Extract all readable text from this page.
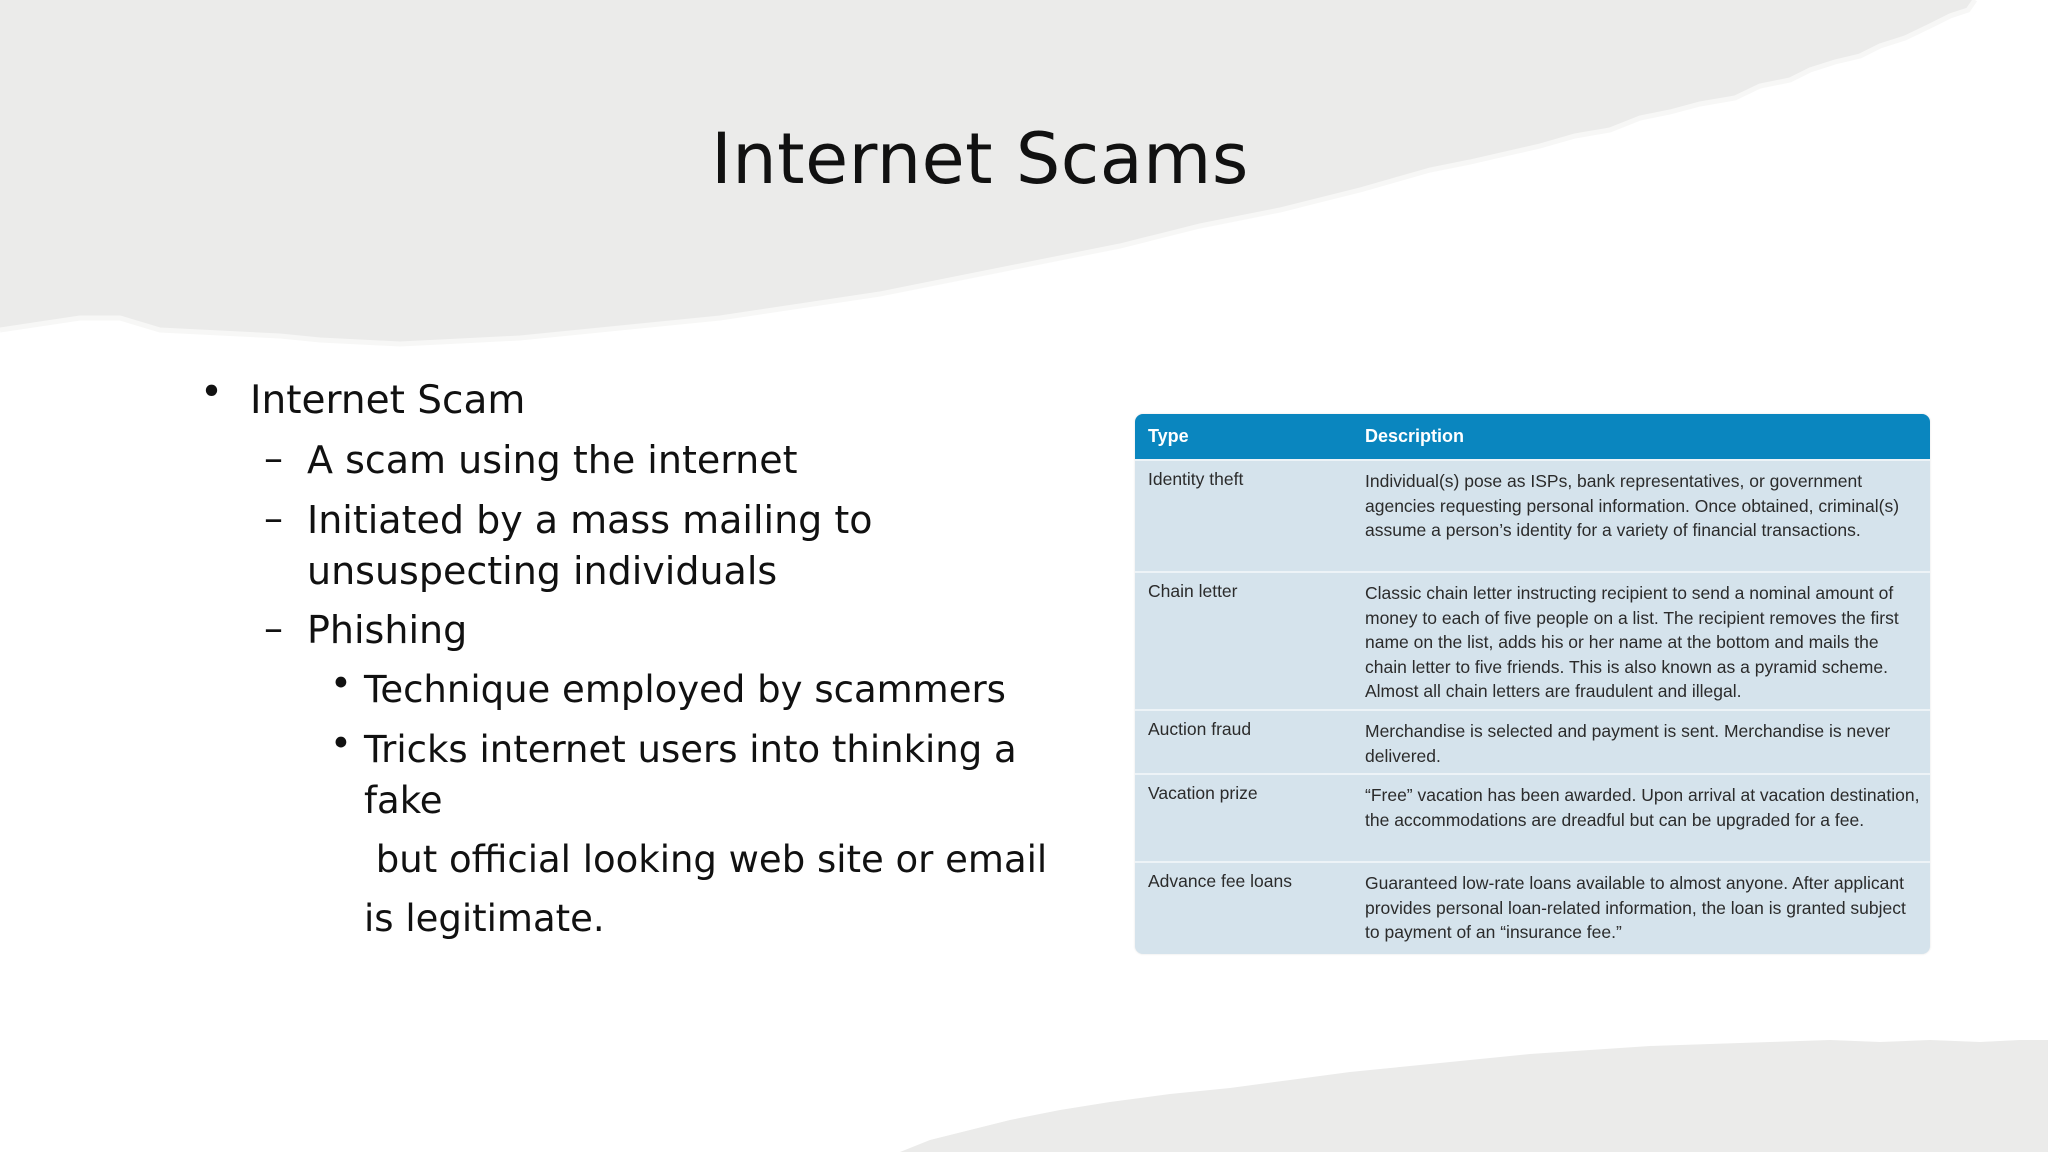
Internet Scams
• Internet Scam
– A scam using the internet
– Initiated by a mass mailing to
unsuspecting individuals
– Phishing
• Technique employed by scammers
• Tricks internet users into thinking a
fake
but official looking web site or email
is legitimate.
Type	Description
Identity theft	Individual(s) pose as ISPs, bank representatives, or government agencies requesting personal information. Once obtained, criminal(s) assume a person’s identity for a variety of financial transactions.
Chain letter	Classic chain letter instructing recipient to send a nominal amount of money to each of five people on a list. The recipient removes the first name on the list, adds his or her name at the bottom and mails the chain letter to five friends. This is also known as a pyramid scheme. Almost all chain letters are fraudulent and illegal.
Auction fraud	Merchandise is selected and payment is sent. Merchandise is never delivered.
Vacation prize	“Free” vacation has been awarded. Upon arrival at vacation destination, the accommodations are dreadful but can be upgraded for a fee.
Advance fee loans	Guaranteed low-rate loans available to almost anyone. After applicant provides personal loan-related information, the loan is granted subject to payment of an “insurance fee.”
